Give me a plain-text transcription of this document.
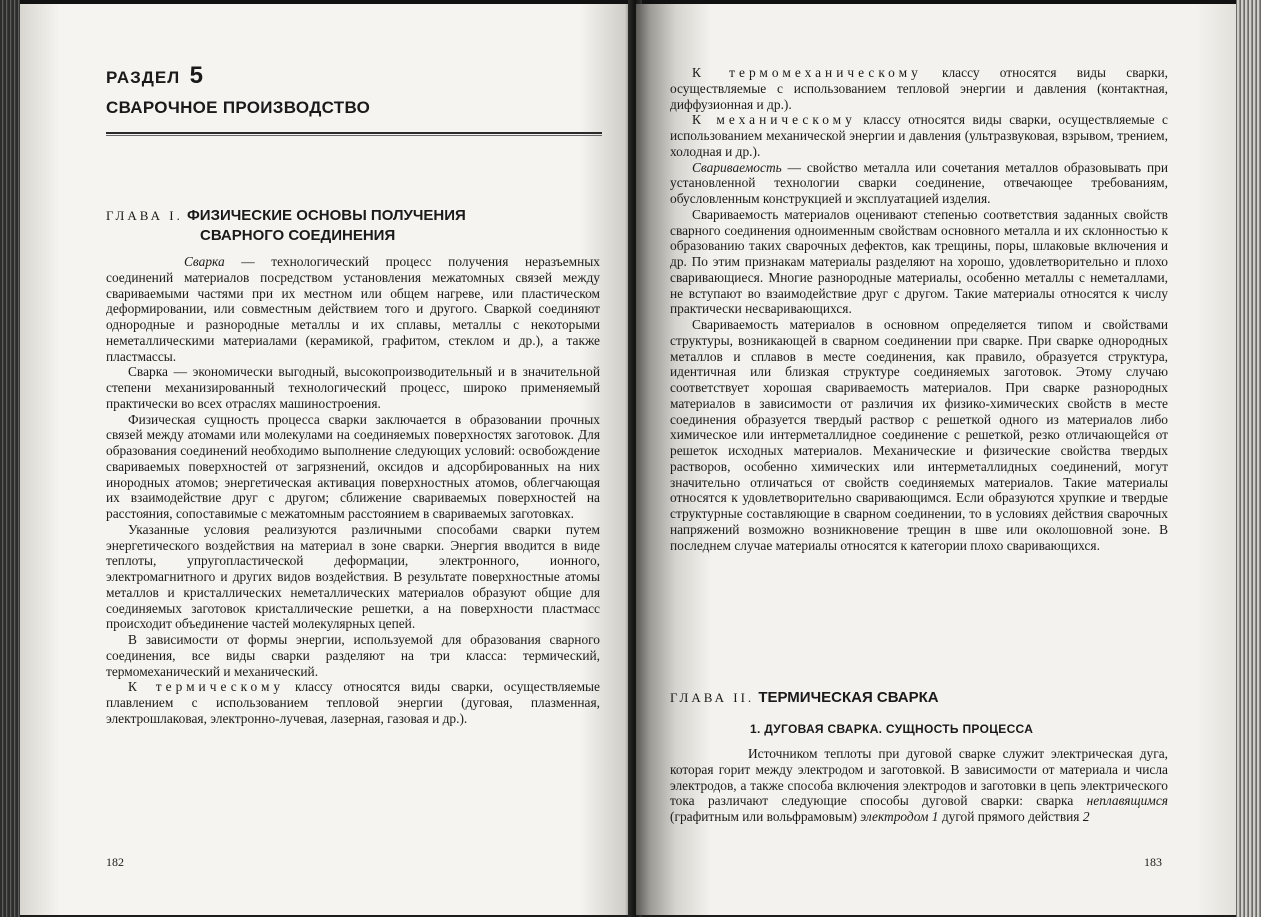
РАЗДЕЛ 5
СВАРОЧНОЕ ПРОИЗВОДСТВО
ГЛАВА I. ФИЗИЧЕСКИЕ ОСНОВЫ ПОЛУЧЕНИЯ
СВАРНОГО СОЕДИНЕНИЯ

Сварка — технологический процесс получения неразъемных соединений материалов посредством установления межатомных связей между свариваемыми частями при их местном или общем нагреве, или пластическом деформировании, или совместным действием того и другого. Сваркой соединяют однородные и разнородные металлы и их сплавы, металлы с некоторыми неметаллическими материалами (керамикой, графитом, стеклом и др.), а также пластмассы.

Сварка — экономически выгодный, высокопроизводительный и в значительной степени механизированный технологический процесс, широко применяемый практически во всех отраслях машиностроения.

Физическая сущность процесса сварки заключается в образовании прочных связей между атомами или молекулами на соединяемых поверхностях заготовок. Для образования соединений необходимо выполнение следующих условий: освобождение свариваемых поверхностей от загрязнений, оксидов и адсорбированных на них инородных атомов; энергетическая активация поверхностных атомов, облегчающая их взаимодействие друг с другом; сближение свариваемых поверхностей на расстояния, сопоставимые с межатомным расстоянием в свариваемых заготовках.

Указанные условия реализуются различными способами сварки путем энергетического воздействия на материал в зоне сварки. Энергия вводится в виде теплоты, упругопластической деформации, электронного, ионного, электромагнитного и других видов воздействия. В результате поверхностные атомы металлов и кристаллических неметаллических материалов образуют общие для соединяемых заготовок кристаллические решетки, а на поверхности пластмасс происходит объединение частей молекулярных цепей.

В зависимости от формы энергии, используемой для образования сварного соединения, все виды сварки разделяют на три класса: термический, термомеханический и механический.

К термическому классу относятся виды сварки, осуществляемые плавлением с использованием тепловой энергии (дуговая, плазменная, электрошлаковая, электронно-лучевая, лазерная, газовая и др.).

182

К термомеханическому классу относятся виды сварки, осуществляемые с использованием тепловой энергии и давления (контактная, диффузионная и др.).

К механическому классу относятся виды сварки, осуществляемые с использованием механической энергии и давления (ультразвуковая, взрывом, трением, холодная и др.).

Свариваемость — свойство металла или сочетания металлов образовывать при установленной технологии сварки соединение, отвечающее требованиям, обусловленным конструкцией и эксплуатацией изделия.

Свариваемость материалов оценивают степенью соответствия заданных свойств сварного соединения одноименным свойствам основного металла и их склонностью к образованию таких сварочных дефектов, как трещины, поры, шлаковые включения и др. По этим признакам материалы разделяют на хорошо, удовлетворительно и плохо сваривающиеся. Многие разнородные материалы, особенно металлы с неметаллами, не вступают во взаимодействие друг с другом. Такие материалы относятся к числу практически несваривающихся.

Свариваемость материалов в основном определяется типом и свойствами структуры, возникающей в сварном соединении при сварке. При сварке однородных металлов и сплавов в месте соединения, как правило, образуется структура, идентичная или близкая структуре соединяемых заготовок. Этому случаю соответствует хорошая свариваемость материалов. При сварке разнородных материалов в зависимости от различия их физико-химических свойств в месте соединения образуется твердый раствор с решеткой одного из материалов либо химическое или интерметаллидное соединение с решеткой, резко отличающейся от решеток исходных материалов. Механические и физические свойства твердых растворов, особенно химических или интерметаллидных соединений, могут значительно отличаться от свойств соединяемых материалов. Такие материалы относятся к удовлетворительно сваривающимся. Если образуются хрупкие и твердые структурные составляющие в сварном соединении, то в условиях действия сварочных напряжений возможно возникновение трещин в шве или околошовной зоне. В последнем случае материалы относятся к категории плохо сваривающихся.

ГЛАВА II. ТЕРМИЧЕСКАЯ СВАРКА
1. ДУГОВАЯ СВАРКА. СУЩНОСТЬ ПРОЦЕССА

Источником теплоты при дуговой сварке служит электрическая дуга, которая горит между электродом и заготовкой. В зависимости от материала и числа электродов, а также способа включения электродов и заготовки в цепь электрического тока различают следующие способы дуговой сварки: сварка неплавящимся (графитным или вольфрамовым) электродом 1 дугой прямого действия 2

183
